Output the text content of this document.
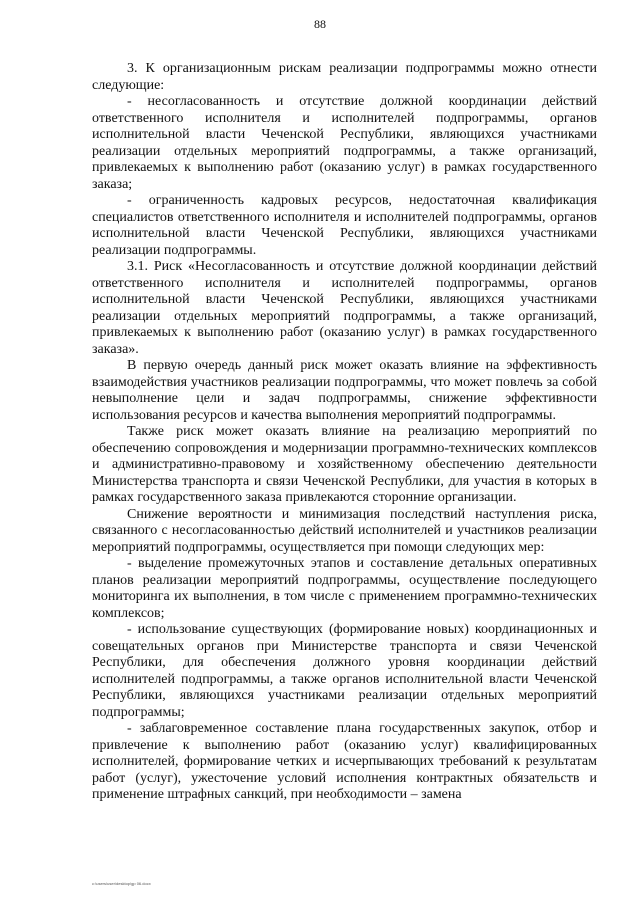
88

3. К организационным рискам реализации подпрограммы можно отнести следующие:

- несогласованность и отсутствие должной координации действий ответственного исполнителя и исполнителей подпрограммы, органов исполнительной власти Чеченской Республики, являющихся участниками реализации отдельных мероприятий подпрограммы, а также организаций, привлекаемых к выполнению работ (оказанию услуг) в рамках государственного заказа;

- ограниченность кадровых ресурсов, недостаточная квалификация специалистов ответственного исполнителя и исполнителей подпрограммы, органов исполнительной власти Чеченской Республики, являющихся участниками реализации подпрограммы.

3.1. Риск «Несогласованность и отсутствие должной координации действий ответственного исполнителя и исполнителей подпрограммы, органов исполнительной власти Чеченской Республики, являющихся участниками реализации отдельных мероприятий подпрограммы, а также организаций, привлекаемых к выполнению работ (оказанию услуг) в рамках государственного заказа».

В первую очередь данный риск может оказать влияние на эффективность взаимодействия участников реализации подпрограммы, что может повлечь за собой невыполнение цели и задач подпрограммы, снижение эффективности использования ресурсов и качества выполнения мероприятий подпрограммы.

Также риск может оказать влияние на реализацию мероприятий по обеспечению сопровождения и модернизации программно-технических комплексов и административно-правовому и хозяйственному обеспечению деятельности Министерства транспорта и связи Чеченской Республики, для участия в которых в рамках государственного заказа привлекаются сторонние организации.

Снижение вероятности и минимизация последствий наступления риска, связанного с несогласованностью действий исполнителей и участников реализации мероприятий подпрограммы, осуществляется при помощи следующих мер:

- выделение промежуточных этапов и составление детальных оперативных планов реализации мероприятий подпрограммы, осуществление последующего мониторинга их выполнения, в том числе с применением программно-технических комплексов;

- использование существующих (формирование новых) координационных и совещательных органов при Министерстве транспорта и связи Чеченской Республики, для обеспечения должного уровня координации действий исполнителей подпрограммы, а также органов исполнительной власти Чеченской Республики, являющихся участниками реализации отдельных мероприятий подпрограммы;

- заблаговременное составление плана государственных закупок, отбор и привлечение к выполнению работ (оказанию услуг) квалифицированных исполнителей, формирование четких и исчерпывающих требований к результатам работ (услуг), ужесточение условий исполнения контрактных обязательств и применение штрафных санкций, при необходимости – замена

c:\users\user\desktop\gp 06.docx
